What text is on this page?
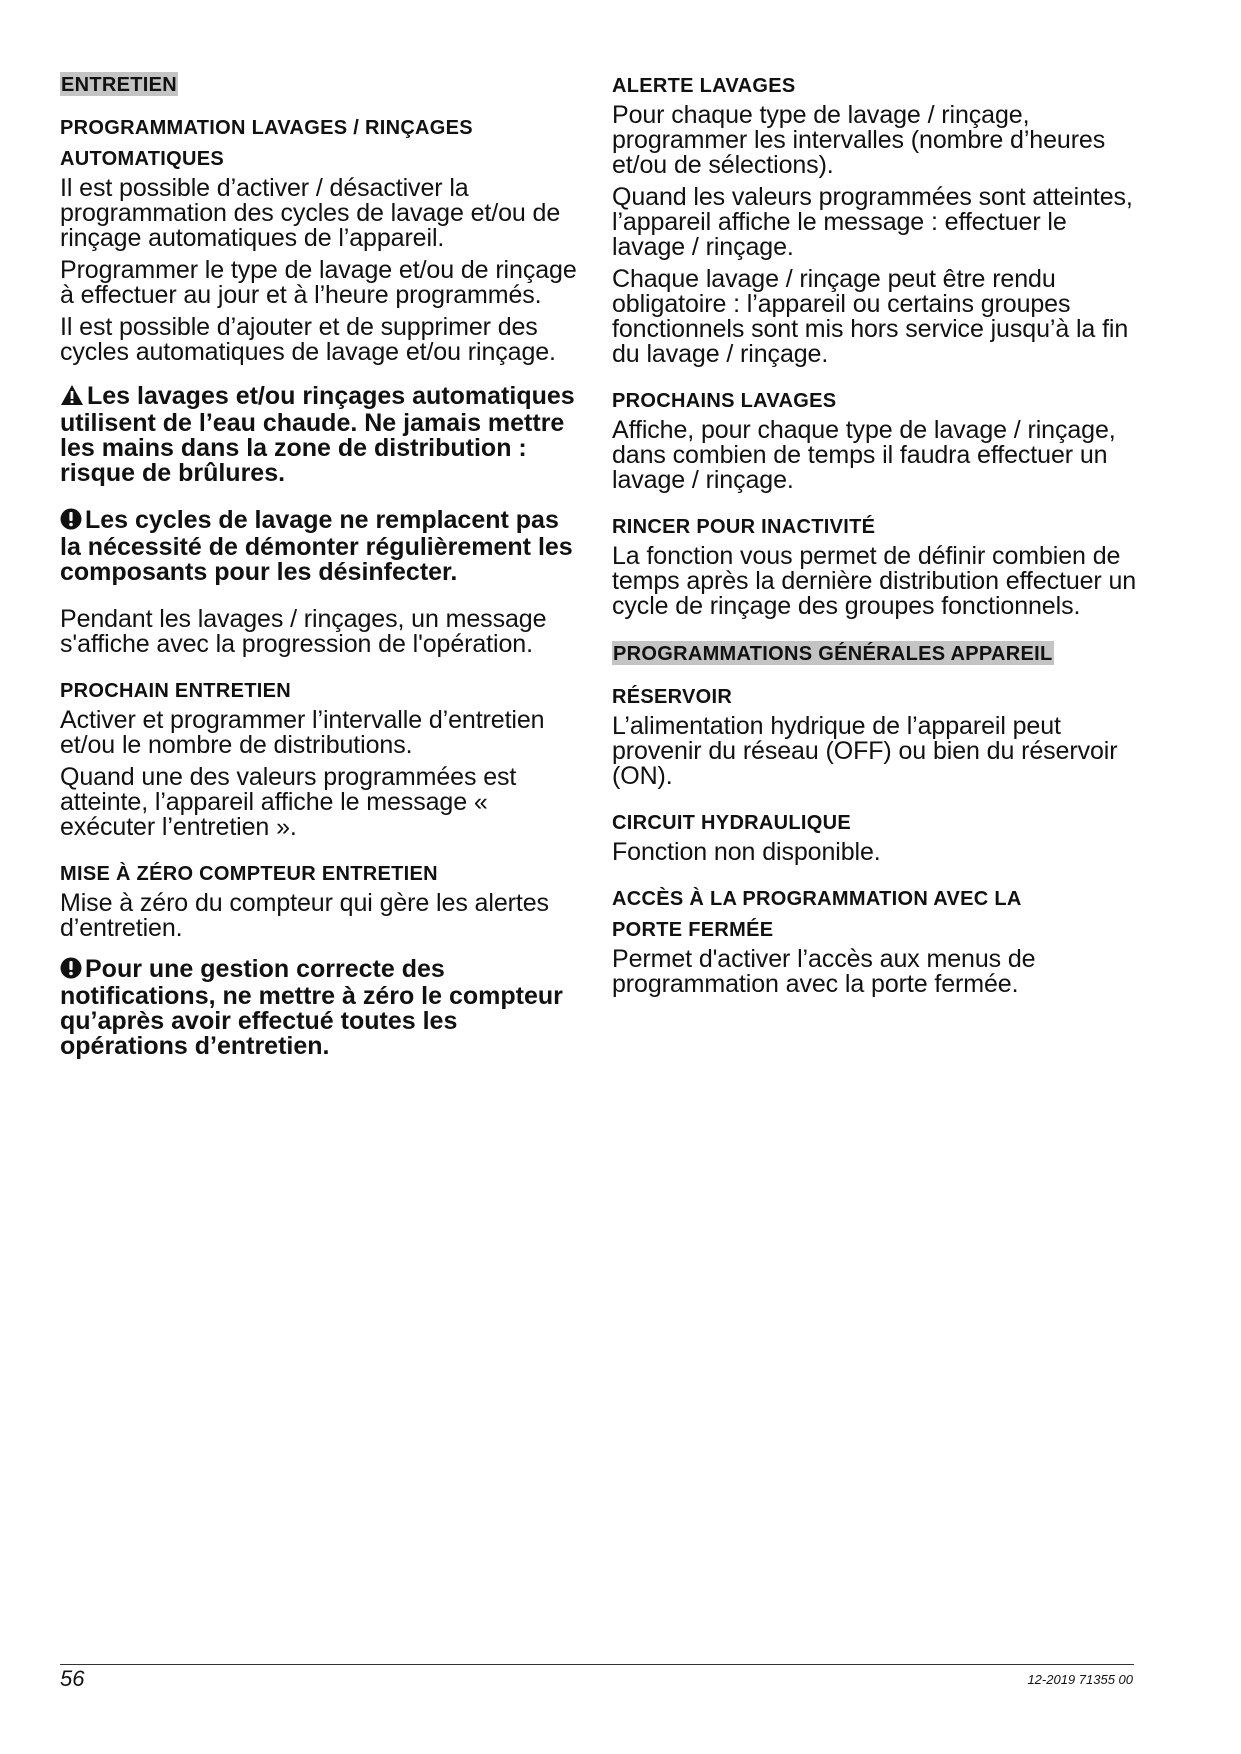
ENTRETIEN
PROGRAMMATION LAVAGES / RINÇAGES
AUTOMATIQUES

Il est possible d’activer / désactiver la programmation des cycles de lavage et/ou de rinçage automatiques de l’appareil.

Programmer le type de lavage et/ou de rinçage à effectuer au jour et à l’heure programmés.

Il est possible d’ajouter et de supprimer des cycles automatiques de lavage et/ou rinçage.

Les lavages et/ou rinçages automatiques utilisent de l’eau chaude. Ne jamais mettre les mains dans la zone de distribution : risque de brûlures.
Les cycles de lavage ne remplacent pas la nécessité de démonter régulièrement les composants pour les désinfecter.

Pendant les lavages / rinçages, un message s'affiche avec la progression de l'opération.

PROCHAIN ENTRETIEN

Activer et programmer l’intervalle d’entretien et/ou le nombre de distributions.

Quand une des valeurs programmées est atteinte, l’appareil affiche le message « exécuter l’entretien ».

MISE À ZÉRO COMPTEUR ENTRETIEN

Mise à zéro du compteur qui gère les alertes d’entretien.

Pour une gestion correcte des notifications, ne mettre à zéro le compteur qu’après avoir effectué toutes les opérations d’entretien.
ALERTE LAVAGES

Pour chaque type de lavage / rinçage, programmer les intervalles (nombre d’heures et/ou de sélections).

Quand les valeurs programmées sont atteintes, l’appareil affiche le message : effectuer le lavage / rinçage.

Chaque lavage / rinçage peut être rendu obligatoire : l’appareil ou certains groupes fonctionnels sont mis hors service jusqu’à la fin du lavage / rinçage.

PROCHAINS LAVAGES

Affiche, pour chaque type de lavage / rinçage, dans combien de temps il faudra effectuer un lavage / rinçage.

RINCER POUR INACTIVITÉ

La fonction vous permet de définir combien de temps après la dernière distribution effectuer un cycle de rinçage des groupes fonctionnels.

PROGRAMMATIONS GÉNÉRALES APPAREIL
RÉSERVOIR

L’alimentation hydrique de l’appareil peut provenir du réseau (OFF) ou bien du réservoir (ON).

CIRCUIT HYDRAULIQUE

Fonction non disponible.

ACCÈS À LA PROGRAMMATION AVEC LA
PORTE FERMÉE

Permet d'activer l’accès aux menus de programmation avec la porte fermée.

56	12-2019 71355 00
